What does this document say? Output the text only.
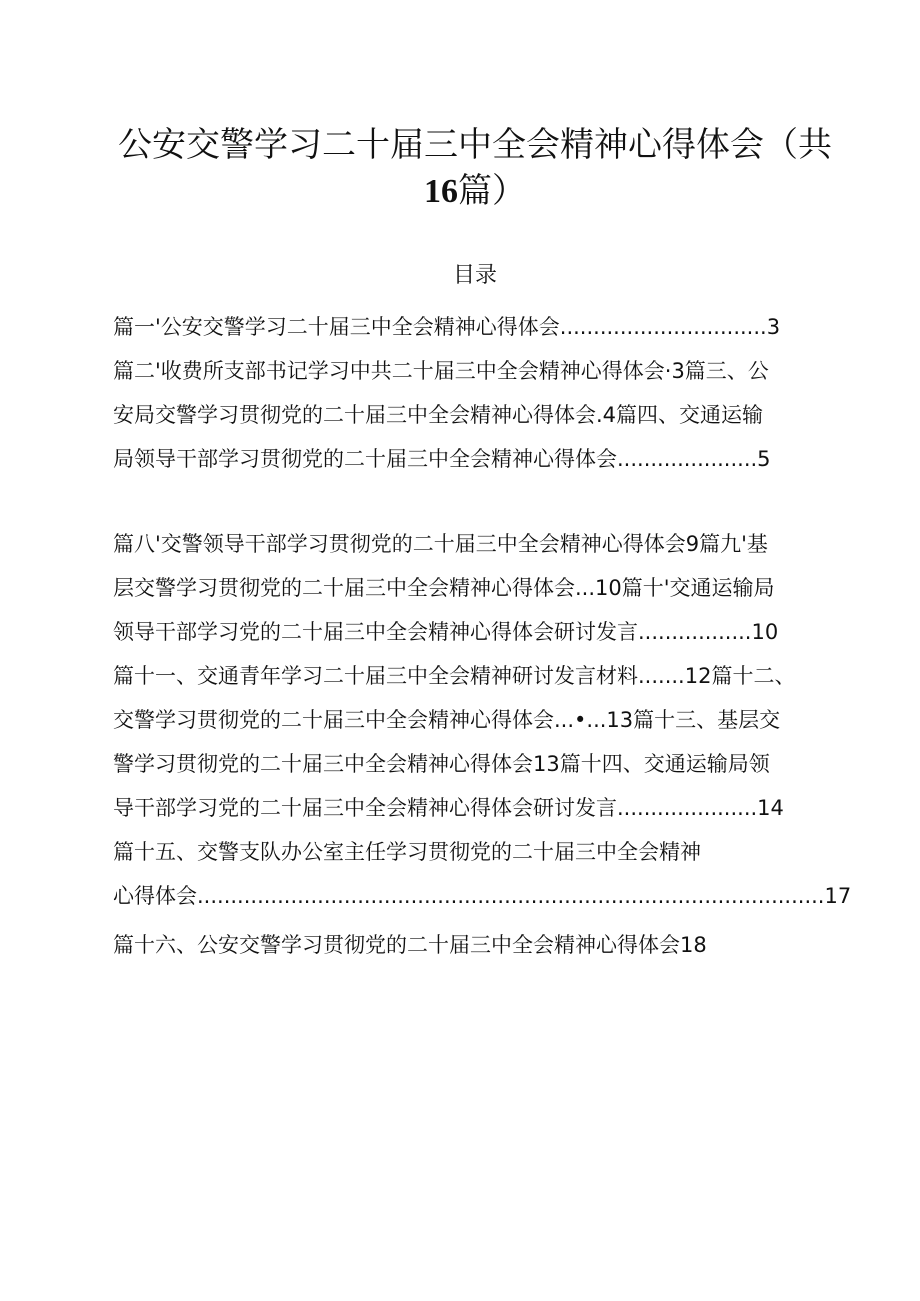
公安交警学习二十届三中全会精神心得体会（共
16篇）
目录
篇一'公安交警学习二十届三中全会精神心得体会...............................3
篇二'收费所支部书记学习中共二十届三中全会精神心得体会·3篇三、公
安局交警学习贯彻党的二十届三中全会精神心得体会.4篇四、交通运输
局领导干部学习贯彻党的二十届三中全会精神心得体会.....................5
篇八'交警领导干部学习贯彻党的二十届三中全会精神心得体会9篇九'基
层交警学习贯彻党的二十届三中全会精神心得体会...10篇十'交通运输局
领导干部学习党的二十届三中全会精神心得体会研讨发言.................10
篇十一、交通青年学习二十届三中全会精神研讨发言材料.......12篇十二、
交警学习贯彻党的二十届三中全会精神心得体会...•...13篇十三、基层交
警学习贯彻党的二十届三中全会精神心得体会13篇十四、交通运输局领
导干部学习党的二十届三中全会精神心得体会研讨发言.....................14
篇十五、交警支队办公室主任学习贯彻党的二十届三中全会精神
心得体会..............................................................................................17
篇十六、公安交警学习贯彻党的二十届三中全会精神心得体会18
